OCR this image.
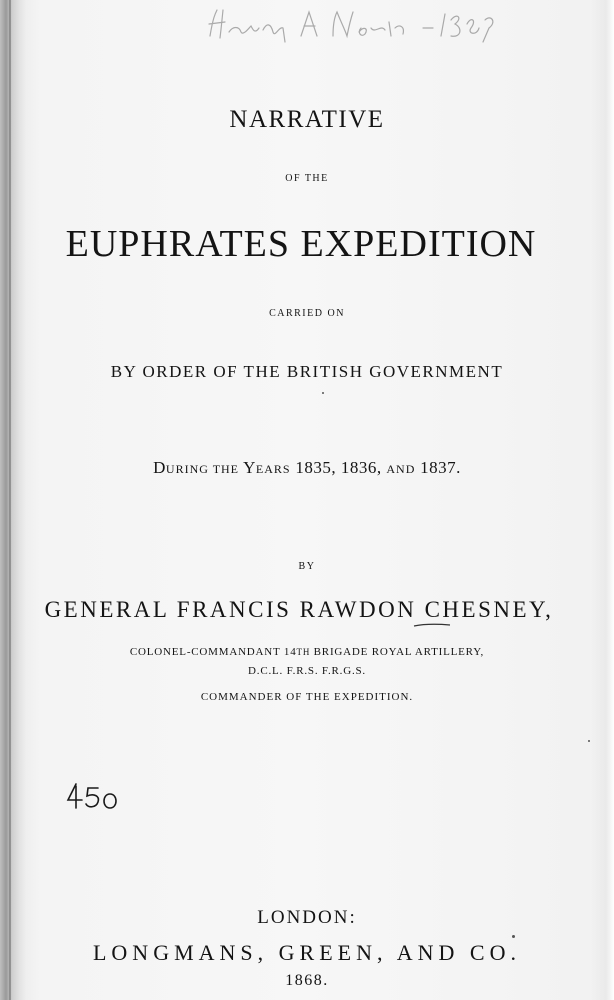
NARRATIVE
OF THE
EUPHRATES EXPEDITION
CARRIED ON
BY ORDER OF THE BRITISH GOVERNMENT
DURING THE YEARS 1835, 1836, AND 1837.
BY
GENERAL FRANCIS RAWDON CHESNEY,
COLONEL-COMMANDANT 14TH BRIGADE ROYAL ARTILLERY,
D.C.L. F.R.S. F.R.G.S.
COMMANDER OF THE EXPEDITION.
LONDON:
LONGMANS, GREEN, AND CO.
1868.
